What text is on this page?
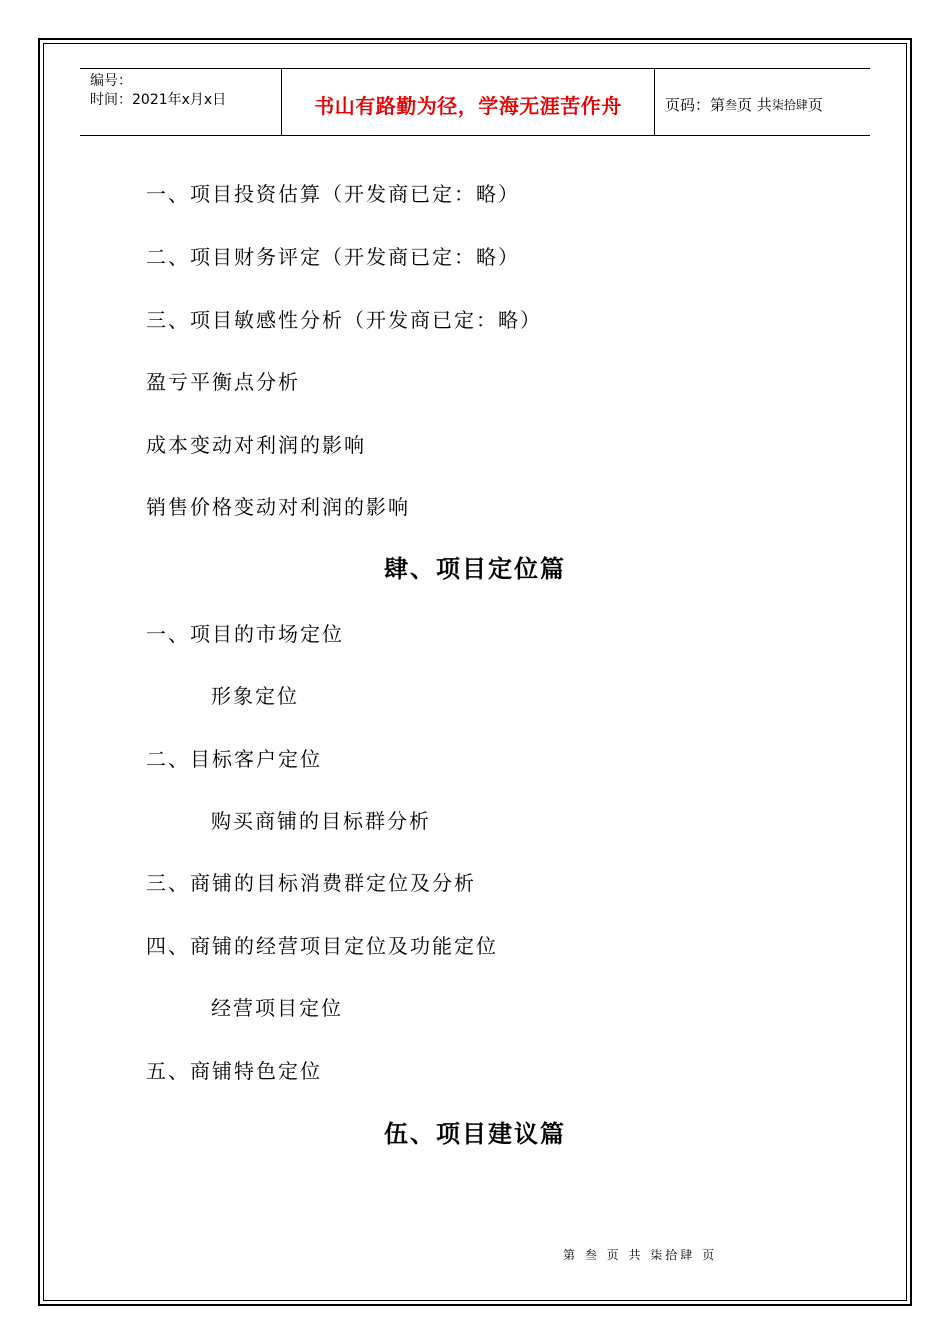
编号：
时间：2021年x月x日	书山有路勤为径，学海无涯苦作舟	页码：第 叁 页 共 柒拾肆 页
一、项目投资估算（开发商已定：略）
二、项目财务评定（开发商已定：略）
三、项目敏感性分析（开发商已定：略）
盈亏平衡点分析
成本变动对利润的影响
销售价格变动对利润的影响
肆、项目定位篇
一、项目的市场定位
形象定位
二、目标客户定位
购买商铺的目标群分析
三、商铺的目标消费群定位及分析
四、商铺的经营项目定位及功能定位
经营项目定位
五、商铺特色定位
伍、项目建议篇
第 叁 页 共 柒拾肆 页
